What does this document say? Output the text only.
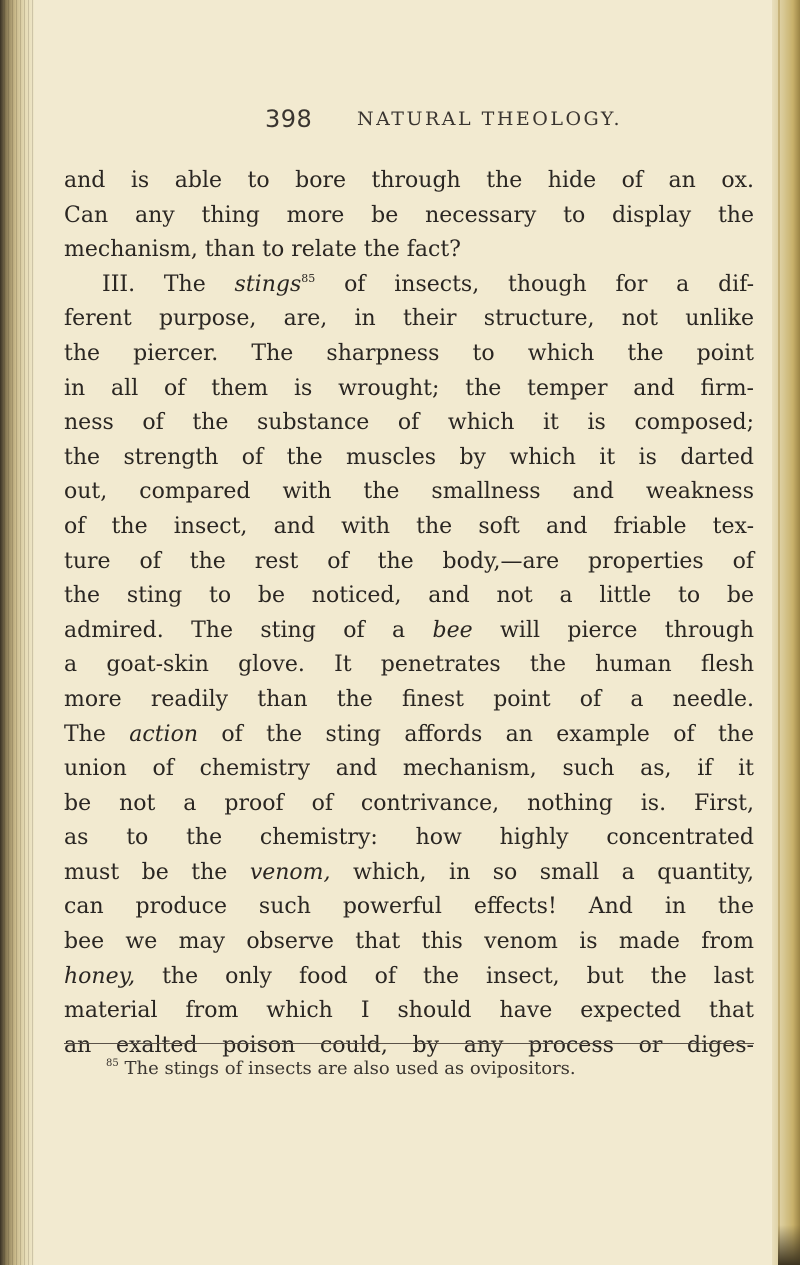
398 NATURAL THEOLOGY.
and is able to bore through the hide of an ox.
Can any thing more be necessary to display the
mechanism, than to relate the fact?
III. The stings$^{85}$ of insects, though for a dif-
ferent purpose, are, in their structure, not unlike
the piercer. The sharpness to which the point
in all of them is wrought; the temper and firm-
ness of the substance of which it is composed;
the strength of the muscles by which it is darted
out, compared with the smallness and weakness
of the insect, and with the soft and friable tex-
ture of the rest of the body,—are properties of
the sting to be noticed, and not a little to be
admired. The sting of a bee will pierce through
a goat-skin glove. It penetrates the human flesh
more readily than the finest point of a needle.
The action of the sting affords an example of the
union of chemistry and mechanism, such as, if it
be not a proof of contrivance, nothing is. First,
as to the chemistry: how highly concentrated
must be the venom, which, in so small a quantity,
can produce such powerful effects! And in the
bee we may observe that this venom is made from
honey, the only food of the insect, but the last
material from which I should have expected that
an exalted poison could, by any process or diges-
$^{85}$ The stings of insects are also used as ovipositors.
